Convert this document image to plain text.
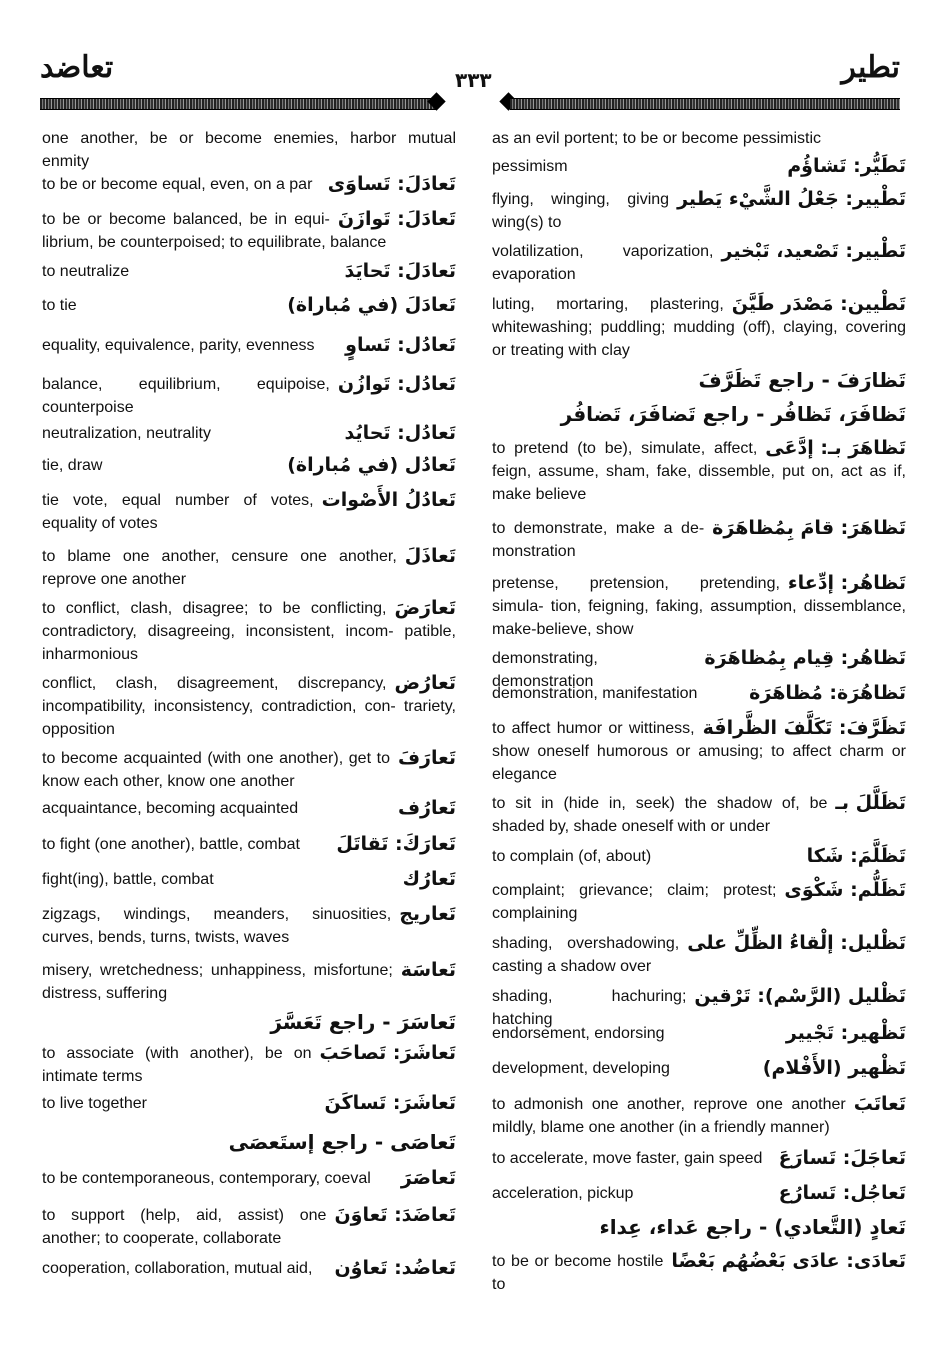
تعاضد	٣٣٣	تطير

one another, be or become enemies, harbor mutual enmity

تَعادَلَ: تَساوَى
to be or become equal, even, on a par

تَعادَلَ: تَوازَنَ
to be or become balanced, be in equi- librium, be counterpoised; to equilibrate, balance

تَعادَلَ: تَحايَدَ
to neutralize

تَعادَلَ (في مُباراة)
to tie

تَعادُل: تَساوٍ
equality, equivalence, parity, evenness

تَعادُل: تَوازُن
balance, equilibrium, equipoise, counterpoise

تَعادُل: تَحايُد
neutralization, neutrality

تَعادُل (في مُباراة)
tie, draw

تَعادُلُ الأَصْوات
tie vote, equal number of votes, equality of votes

تَعاذَلَ
to blame one another, censure one another, reprove one another

تَعارَضَ
to conflict, clash, disagree; to be conflicting, contradictory, disagreeing, inconsistent, incom- patible, inharmonious

تَعارُض
conflict, clash, disagreement, discrepancy, incompatibility, inconsistency, contradiction, con- trariety, opposition

تَعارَفَ
to become acquainted (with one another), get to know each other, know one another

تَعارُف
acquaintance, becoming acquainted

تَعارَكَ: تَقاتَلَ
to fight (one another), battle, combat

تَعارُك
fight(ing), battle, combat

تَعاريج
zigzags, windings, meanders, sinuosities, curves, bends, turns, twists, waves

تَعاسَة
misery, wretchedness; unhappiness, misfortune; distress, suffering

تَعاسَرَ - راجع تَعَسَّرَ

تَعاشَرَ: تَصاحَبَ
to associate (with another), be on intimate terms

تَعاشَرَ: تَساكَنَ
to live together

تَعاصَى - راجع إستَعصَى

تَعاصَرَ
to be contemporaneous, contemporary, coeval

تَعاضَدَ: تَعاوَنَ
to support (help, aid, assist) one another; to cooperate, collaborate

تَعاضُد: تَعاوُن
cooperation, collaboration, mutual aid,

as an evil portent; to be or become pessimistic

تَطَيُّر: تَشاؤُم
pessimism

تَطْيير: جَعْلُ الشَّيْء يَطير
flying, winging, giving wing(s) to

تَطْيير: تَصْعيد، تَبْخير
volatilization, vaporization, evaporation

تَطْيين: مَصْدَر طَيَّنَ
luting, mortaring, plastering, whitewashing; puddling; mudding (off), claying, covering or treating with clay

تَظارَفَ - راجع تَظَرَّفَ
تَظافَرَ، تَظافُر - راجع تَضافَرَ، تَضافُر

تَظاهَرَ بـ: إدَّعَى
to pretend (to be), simulate, affect, feign, assume, sham, fake, dissemble, put on, act as if, make believe

تَظاهَرَ: قامَ بِمُظاهَرَة
to demonstrate, make a de- monstration

تَظاهُر: إدِّعاء
pretense, pretension, pretending, simula- tion, feigning, faking, assumption, dissemblance, make-believe, show

تَظاهُر: قِيام بِمُظاهَرَة
demonstrating, demonstration

تَظاهُرَة: مُظاهَرَة
demonstration, manifestation

تَظَرَّفَ: تَكَلَّفَ الظَّرافَة
to affect humor or wittiness, show oneself humorous or amusing; to affect charm or elegance

تَظَلَّلَ بـ
to sit in (hide in, seek) the shadow of, be shaded by, shade oneself with or under

تَظَلَّمَ: شَكا
to complain (of, about)

تَظَلُّم: شَكْوَى
complaint; grievance; claim; protest; complaining

تَظْليل: إلْقاءُ الظِّلِّ على
shading, overshadowing, casting a shadow over

تَظْليل (الرَّسْم): تَرْقين
shading, hachuring; hatching

تَظْهير: تَجْيير
endorsement, endorsing

تَظْهير (الأَفْلام)
development, developing

تَعاتَبَ
to admonish one another, reprove one another mildly, blame one another (in a friendly manner)

تَعاجَلَ: تَسارَعَ
to accelerate, move faster, gain speed

تَعاجُل: تَسارُع
acceleration, pickup

تَعادٍ (التَّعادي) - راجع عَداء، عِداء

تَعادَى: عادَى بَعْضُهُم بَعْضًا
to be or become hostile to
